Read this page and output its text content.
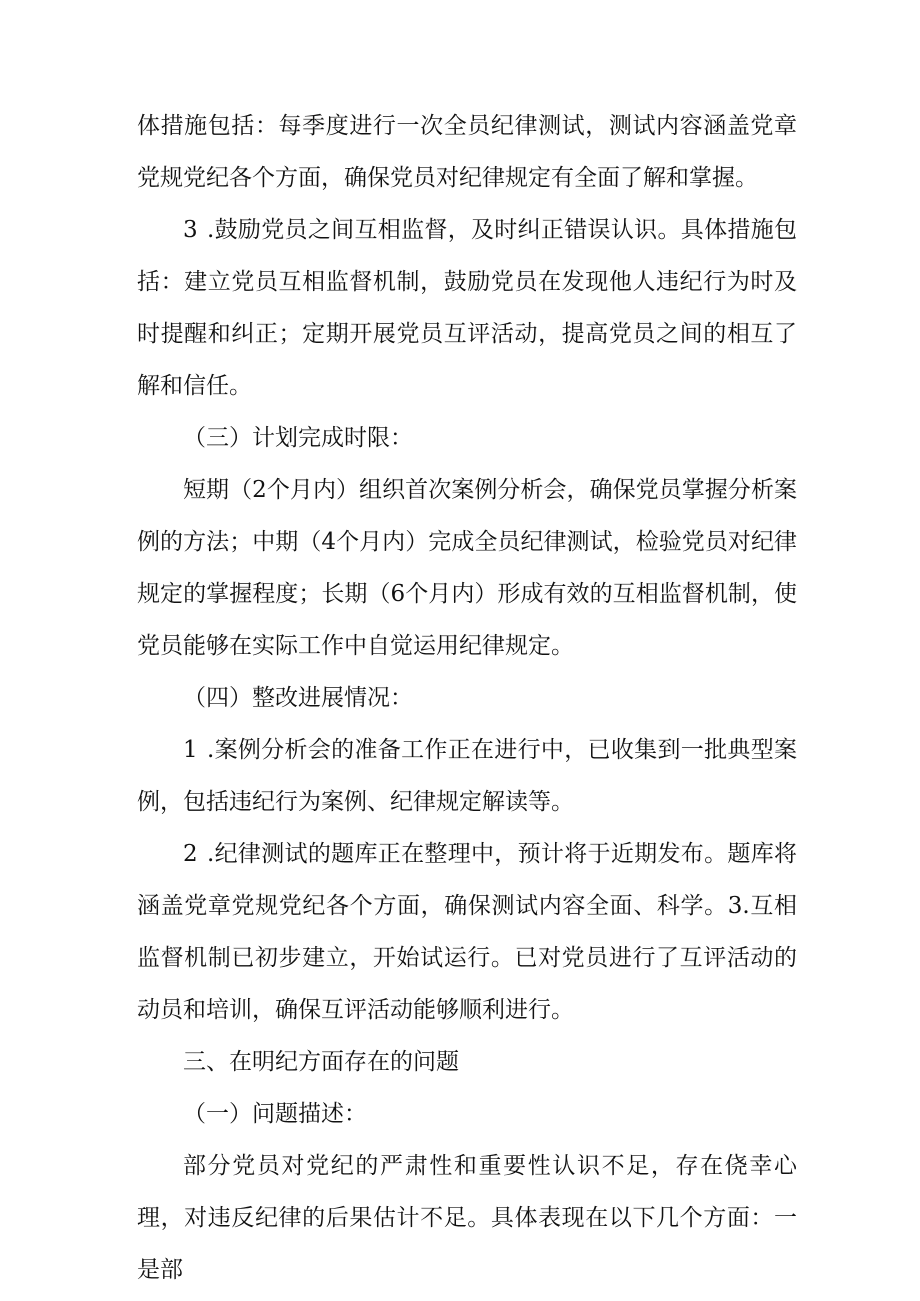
体措施包括：每季度进行一次全员纪律测试，测试内容涵盖党章党规党纪各个方面，确保党员对纪律规定有全面了解和掌握。

3 .鼓励党员之间互相监督，及时纠正错误认识。具体措施包括：建立党员互相监督机制，鼓励党员在发现他人违纪行为时及时提醒和纠正；定期开展党员互评活动，提高党员之间的相互了解和信任。

（三）计划完成时限：

短期（2个月内）组织首次案例分析会，确保党员掌握分析案例的方法；中期（4个月内）完成全员纪律测试，检验党员对纪律规定的掌握程度；长期（6个月内）形成有效的互相监督机制，使党员能够在实际工作中自觉运用纪律规定。

（四）整改进展情况：

1 .案例分析会的准备工作正在进行中，已收集到一批典型案例，包括违纪行为案例、纪律规定解读等。

2 .纪律测试的题库正在整理中，预计将于近期发布。题库将涵盖党章党规党纪各个方面，确保测试内容全面、科学。3.互相监督机制已初步建立，开始试运行。已对党员进行了互评活动的动员和培训，确保互评活动能够顺利进行。

三、在明纪方面存在的问题

（一）问题描述：

部分党员对党纪的严肃性和重要性认识不足，存在侥幸心理，对违反纪律的后果估计不足。具体表现在以下几个方面：一是部
